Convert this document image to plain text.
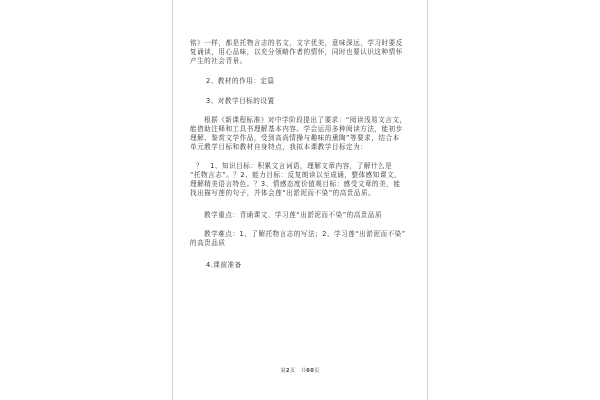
铭》一样，都是托物言志的名文，文字优美，意味深远，学习时要反
复诵读，用心品味，以充分领略作者的情怀，同时也要认识这种情怀
产生的社会背景。
2、教材的作用：定篇
3、对教学目标的设置
根据《新课程标准》对中学阶段提出了要求：“阅读浅易文言文，
能借助注释和工具书理解基本内容。学会运用多种阅读方法，能初步
理解、鉴赏文学作品，受到高尚情操与趣味的熏陶”等要求，结合本
单元教学目标和教材自身特点，我拟本课教学目标定为：
？　1、知识目标：积累文言词语，理解文章内容，了解什么是
“托物言志”。？2、能力目标：反复朗读以至成诵，整体感知课文，
理解精美语言特色。？3、情感态度价值观目标：感受文章的美，能
找出描写莲的句子，并体会莲“出淤泥而不染”的高贵品质。
教学重点：背诵课文，学习莲“出淤泥而不染”的高贵品质
教学难点：1、了解托物言志的写法；2、学习莲“出淤泥而不染”
的高贵品质
4.课前准备
第2页　共60页
